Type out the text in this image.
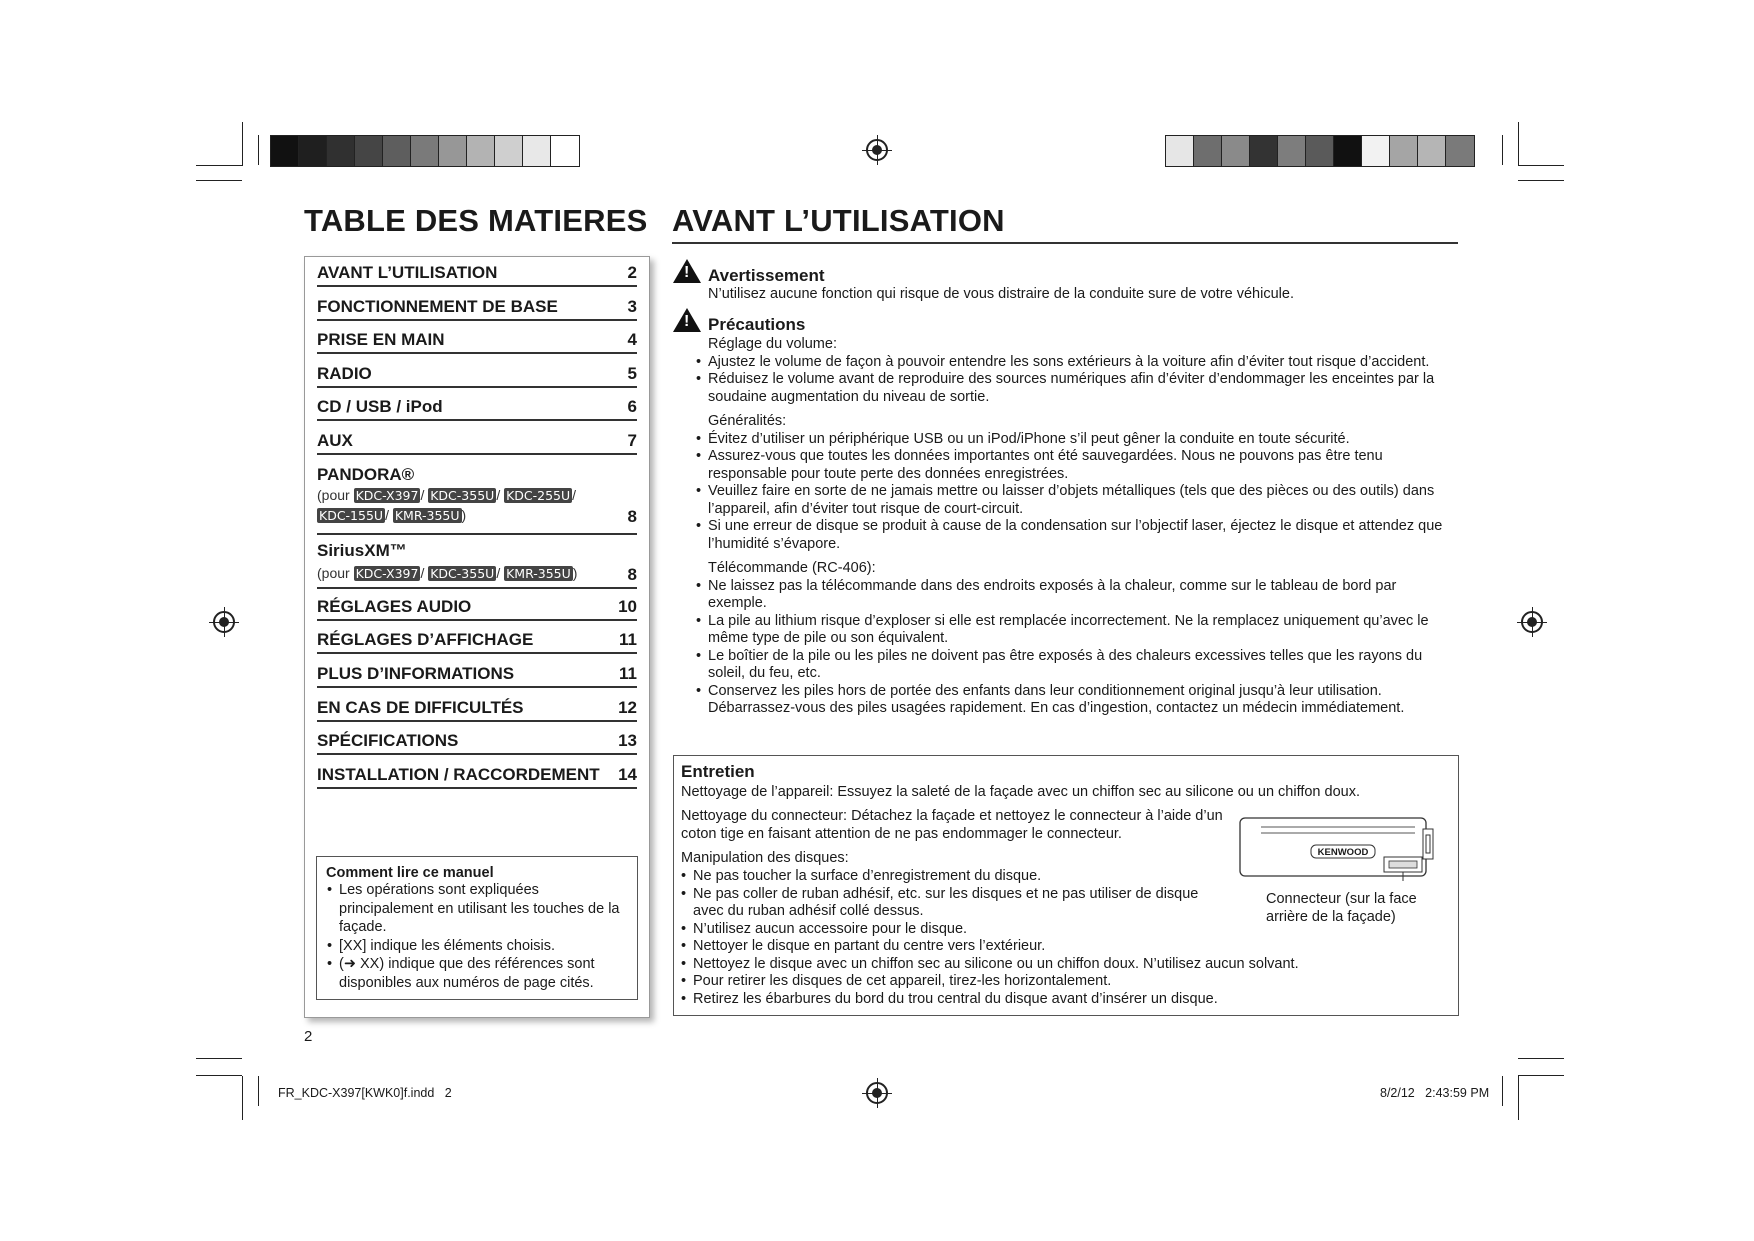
TABLE DES MATIERES AVANT L’UTILISATION
AVANT L’UTILISATION	2
FONCTIONNEMENT DE BASE	3
PRISE EN MAIN	4
RADIO	5
CD / USB / iPod	6
AUX	7
PANDORA®
(pour KDC-X397 / KDC-355U / KDC-255U /
KDC-155U / KMR-355U )	8
SiriusXM™
(pour KDC-X397 / KDC-355U / KMR-355U )	8
RÉGLAGES AUDIO	10
RÉGLAGES D’AFFICHAGE	11
PLUS D’INFORMATIONS	11
EN CAS DE DIFFICULTÉS	12
SPÉCIFICATIONS	13
INSTALLATION / RACCORDEMENT 14
Comment lire ce manuel
• Les opérations sont expliquées principalement en utilisant les touches de la façade.
• [XX] indique les éléments choisis.
• (➜ XX) indique que des références sont disponibles aux numéros de page cités.
2
! Avertissement
N’utilisez aucune fonction qui risque de vous distraire de la conduite sure de votre véhicule.
! Précautions
Réglage du volume:
• Ajustez le volume de façon à pouvoir entendre les sons extérieurs à la voiture afin d’éviter tout risque d’accident.
• Réduisez le volume avant de reproduire des sources numériques afin d’éviter d’endommager les enceintes par la soudaine augmentation du niveau de sortie.
Généralités:
• Évitez d’utiliser un périphérique USB ou un iPod/iPhone s’il peut gêner la conduite en toute sécurité.
• Assurez-vous que toutes les données importantes ont été sauvegardées. Nous ne pouvons pas être tenu responsable pour toute perte des données enregistrées.
• Veuillez faire en sorte de ne jamais mettre ou laisser d’objets métalliques (tels que des pièces ou des outils) dans l’appareil, afin d’éviter tout risque de court-circuit.
• Si une erreur de disque se produit à cause de la condensation sur l’objectif laser, éjectez le disque et attendez que l’humidité s’évapore.
Télécommande (RC-406):
• Ne laissez pas la télécommande dans des endroits exposés à la chaleur, comme sur le tableau de bord par exemple.
• La pile au lithium risque d’exploser si elle est remplacée incorrectement. Ne la remplacez uniquement qu’avec le même type de pile ou son équivalent.
• Le boîtier de la pile ou les piles ne doivent pas être exposés à des chaleurs excessives telles que les rayons du soleil, du feu, etc.
• Conservez les piles hors de portée des enfants dans leur conditionnement original jusqu’à leur utilisation. Débarrassez-vous des piles usagées rapidement. En cas d’ingestion, contactez un médecin immédiatement.
Entretien
Nettoyage de l’appareil: Essuyez la saleté de la façade avec un chiffon sec au silicone ou un chiffon doux.
Nettoyage du connecteur: Détachez la façade et nettoyez le connecteur à l’aide d’un coton tige en faisant attention de ne pas endommager le connecteur.
Manipulation des disques:
• Ne pas toucher la surface d’enregistrement du disque.
• Ne pas coller de ruban adhésif, etc. sur les disques et ne pas utiliser de disque avec du ruban adhésif collé dessus.
• N’utilisez aucun accessoire pour le disque.
• Nettoyer le disque en partant du centre vers l’extérieur.
• Nettoyez le disque avec un chiffon sec au silicone ou un chiffon doux. N’utilisez aucun solvant.
• Pour retirer les disques de cet appareil, tirez-les horizontalement.
• Retirez les ébarbures du bord du trou central du disque avant d’insérer un disque.
KENWOOD
Connecteur (sur la face arrière de la façade)
FR_KDC-X397[KWK0]f.indd   2	8/2/12   2:43:59 PM
